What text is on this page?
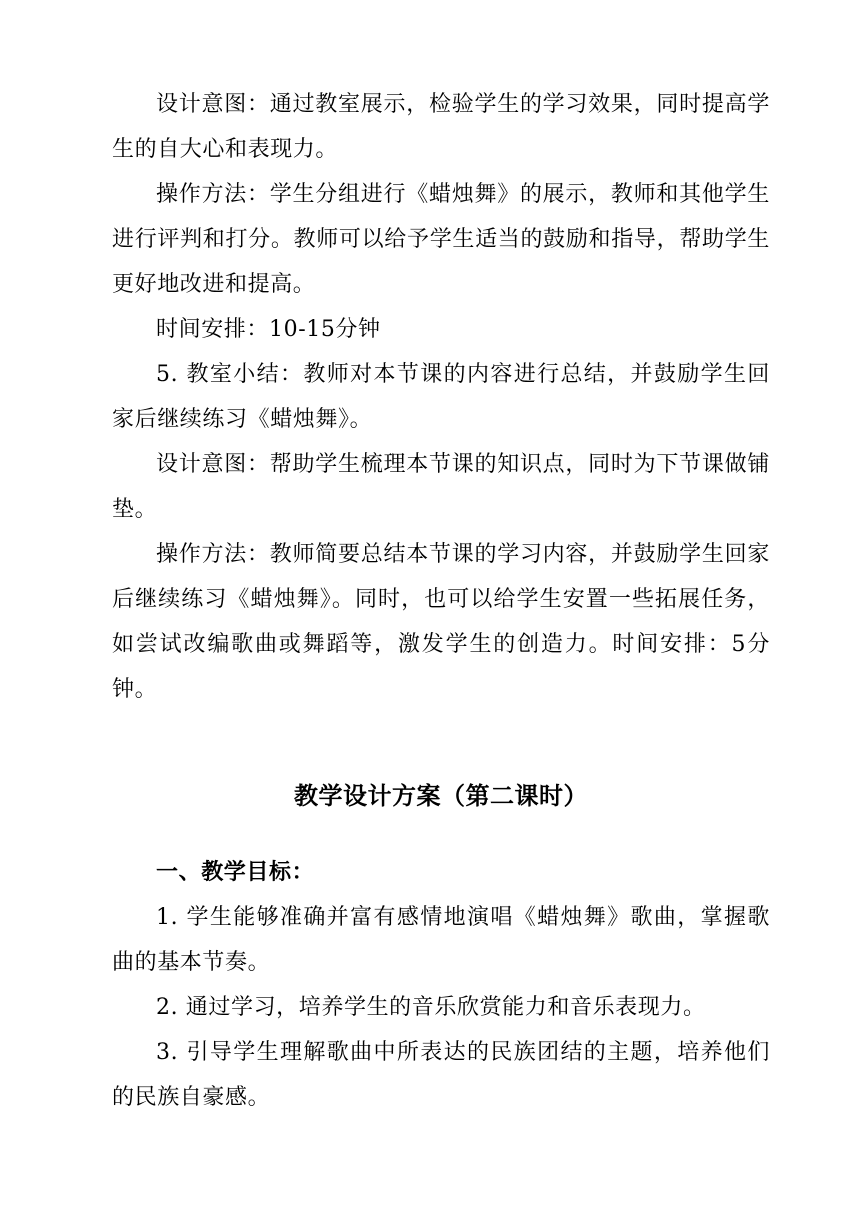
设计意图：通过教室展示，检验学生的学习效果，同时提高学生的自大心和表现力。

操作方法：学生分组进行《蜡烛舞》的展示，教师和其他学生进行评判和打分。教师可以给予学生适当的鼓励和指导，帮助学生更好地改进和提高。

时间安排：10-15分钟

5. 教室小结：教师对本节课的内容进行总结，并鼓励学生回家后继续练习《蜡烛舞》。

设计意图：帮助学生梳理本节课的知识点，同时为下节课做铺垫。

操作方法：教师简要总结本节课的学习内容，并鼓励学生回家后继续练习《蜡烛舞》。同时，也可以给学生安置一些拓展任务，如尝试改编歌曲或舞蹈等，激发学生的创造力。时间安排：5分钟。

教学设计方案（第二课时）

一、教学目标：

1. 学生能够准确并富有感情地演唱《蜡烛舞》歌曲，掌握歌曲的基本节奏。

2. 通过学习，培养学生的音乐欣赏能力和音乐表现力。

3. 引导学生理解歌曲中所表达的民族团结的主题，培养他们的民族自豪感。
